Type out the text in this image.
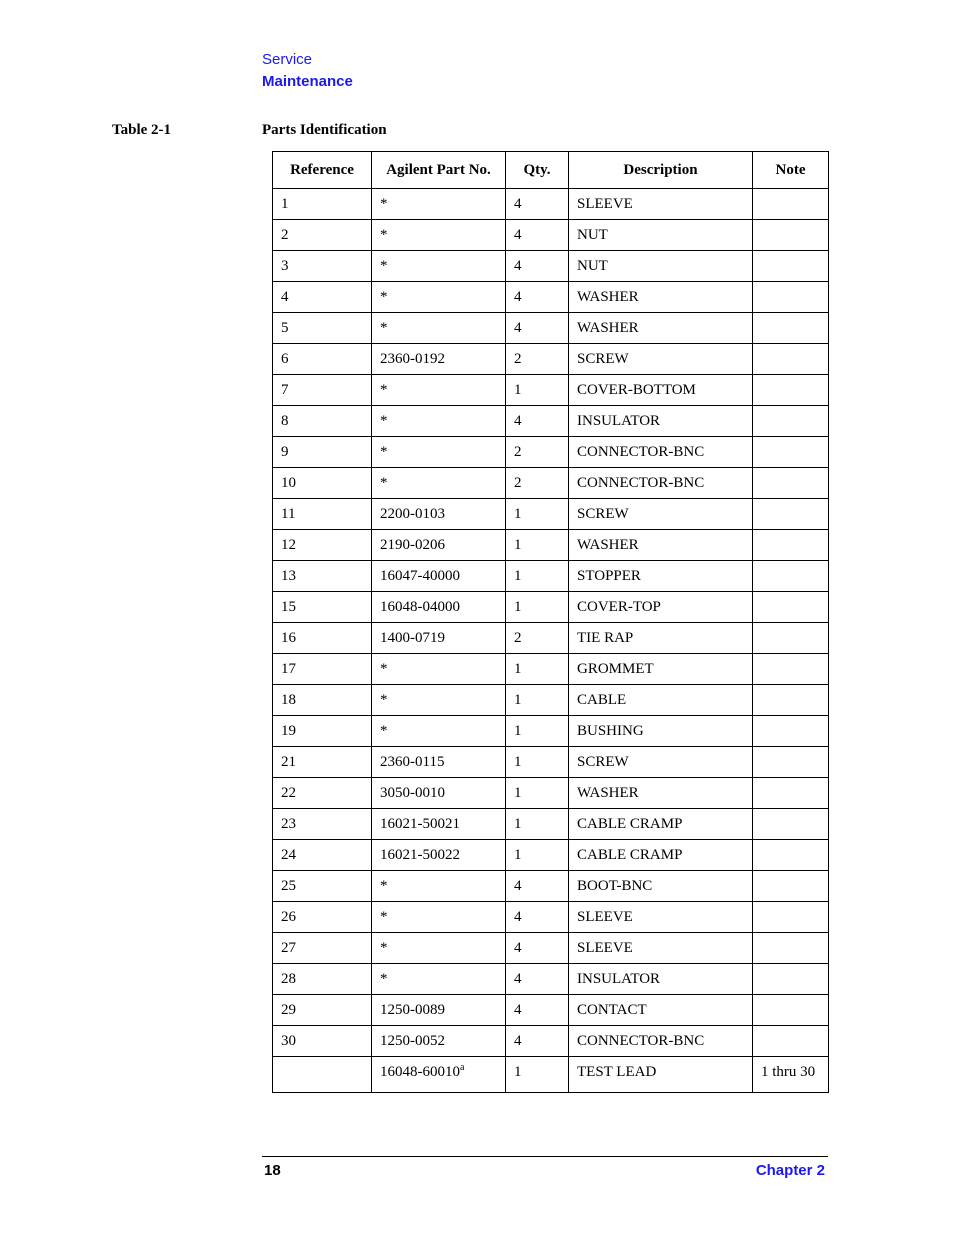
Service
Maintenance
Table 2-1	Parts Identification
Reference	Agilent Part No.	Qty.	Description	Note
1	*	4	SLEEVE	
2	*	4	NUT	
3	*	4	NUT	
4	*	4	WASHER	
5	*	4	WASHER	
6	2360-0192	2	SCREW	
7	*	1	COVER-BOTTOM	
8	*	4	INSULATOR	
9	*	2	CONNECTOR-BNC	
10	*	2	CONNECTOR-BNC	
11	2200-0103	1	SCREW	
12	2190-0206	1	WASHER	
13	16047-40000	1	STOPPER	
15	16048-04000	1	COVER-TOP	
16	1400-0719	2	TIE RAP	
17	*	1	GROMMET	
18	*	1	CABLE	
19	*	1	BUSHING	
21	2360-0115	1	SCREW	
22	3050-0010	1	WASHER	
23	16021-50021	1	CABLE CRAMP	
24	16021-50022	1	CABLE CRAMP	
25	*	4	BOOT-BNC	
26	*	4	SLEEVE	
27	*	4	SLEEVE	
28	*	4	INSULATOR	
29	1250-0089	4	CONTACT	
30	1250-0052	4	CONNECTOR-BNC	
	16048-60010$^a$	1	TEST LEAD	1 thru 30
18	Chapter 2
